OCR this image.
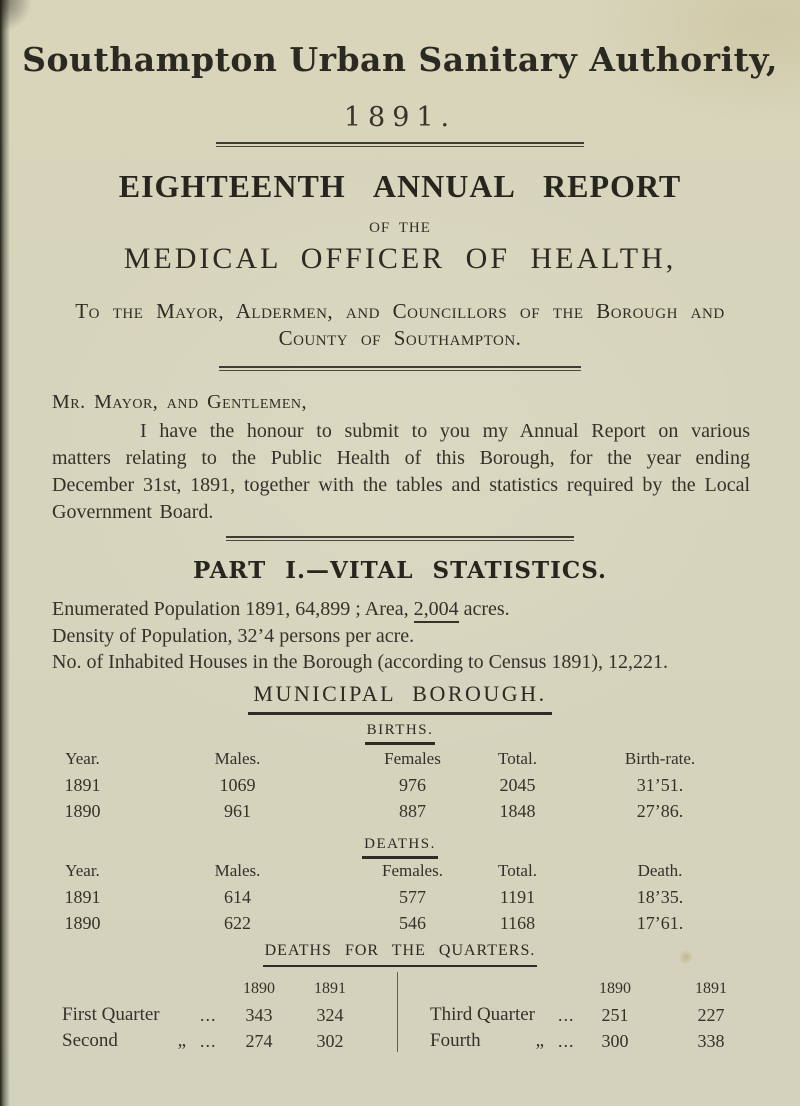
Southampton Urban Sanitary Authority,
1891.
EIGHTEENTH ANNUAL REPORT
OF THE
MEDICAL OFFICER OF HEALTH,
To the Mayor, Aldermen, and Councillors of the Borough and
County of Southampton.
Mr. Mayor, and Gentlemen,
I have the honour to submit to you my Annual Report on various matters relating to the Public Health of this Borough, for the year ending December 31st, 1891, together with the tables and statistics required by the Local Government Board.
PART I.—VITAL STATISTICS.
Enumerated Population 1891, 64,899 ; Area, 2,004 acres.
Density of Population, 32’4 persons per acre.
No. of Inhabited Houses in the Borough (according to Census 1891), 12,221.
MUNICIPAL BOROUGH.
BIRTHS.
Year.	Males.	Females	Total.	Birth-rate.
1891	1069	976	2045	31’51.
1890	961	887	1848	27’86.
DEATHS.
Year.	Males.	Females.	Total.	Death.
1891	614	577	1191	18’35.
1890	622	546	1168	17’61.
DEATHS FOR THE QUARTERS.
1890	1891
First Quarter ...	343	324
Second	„ ...	274	302
1890	1891
Third Quarter ...	251	227
Fourth	„ ...	300	338
